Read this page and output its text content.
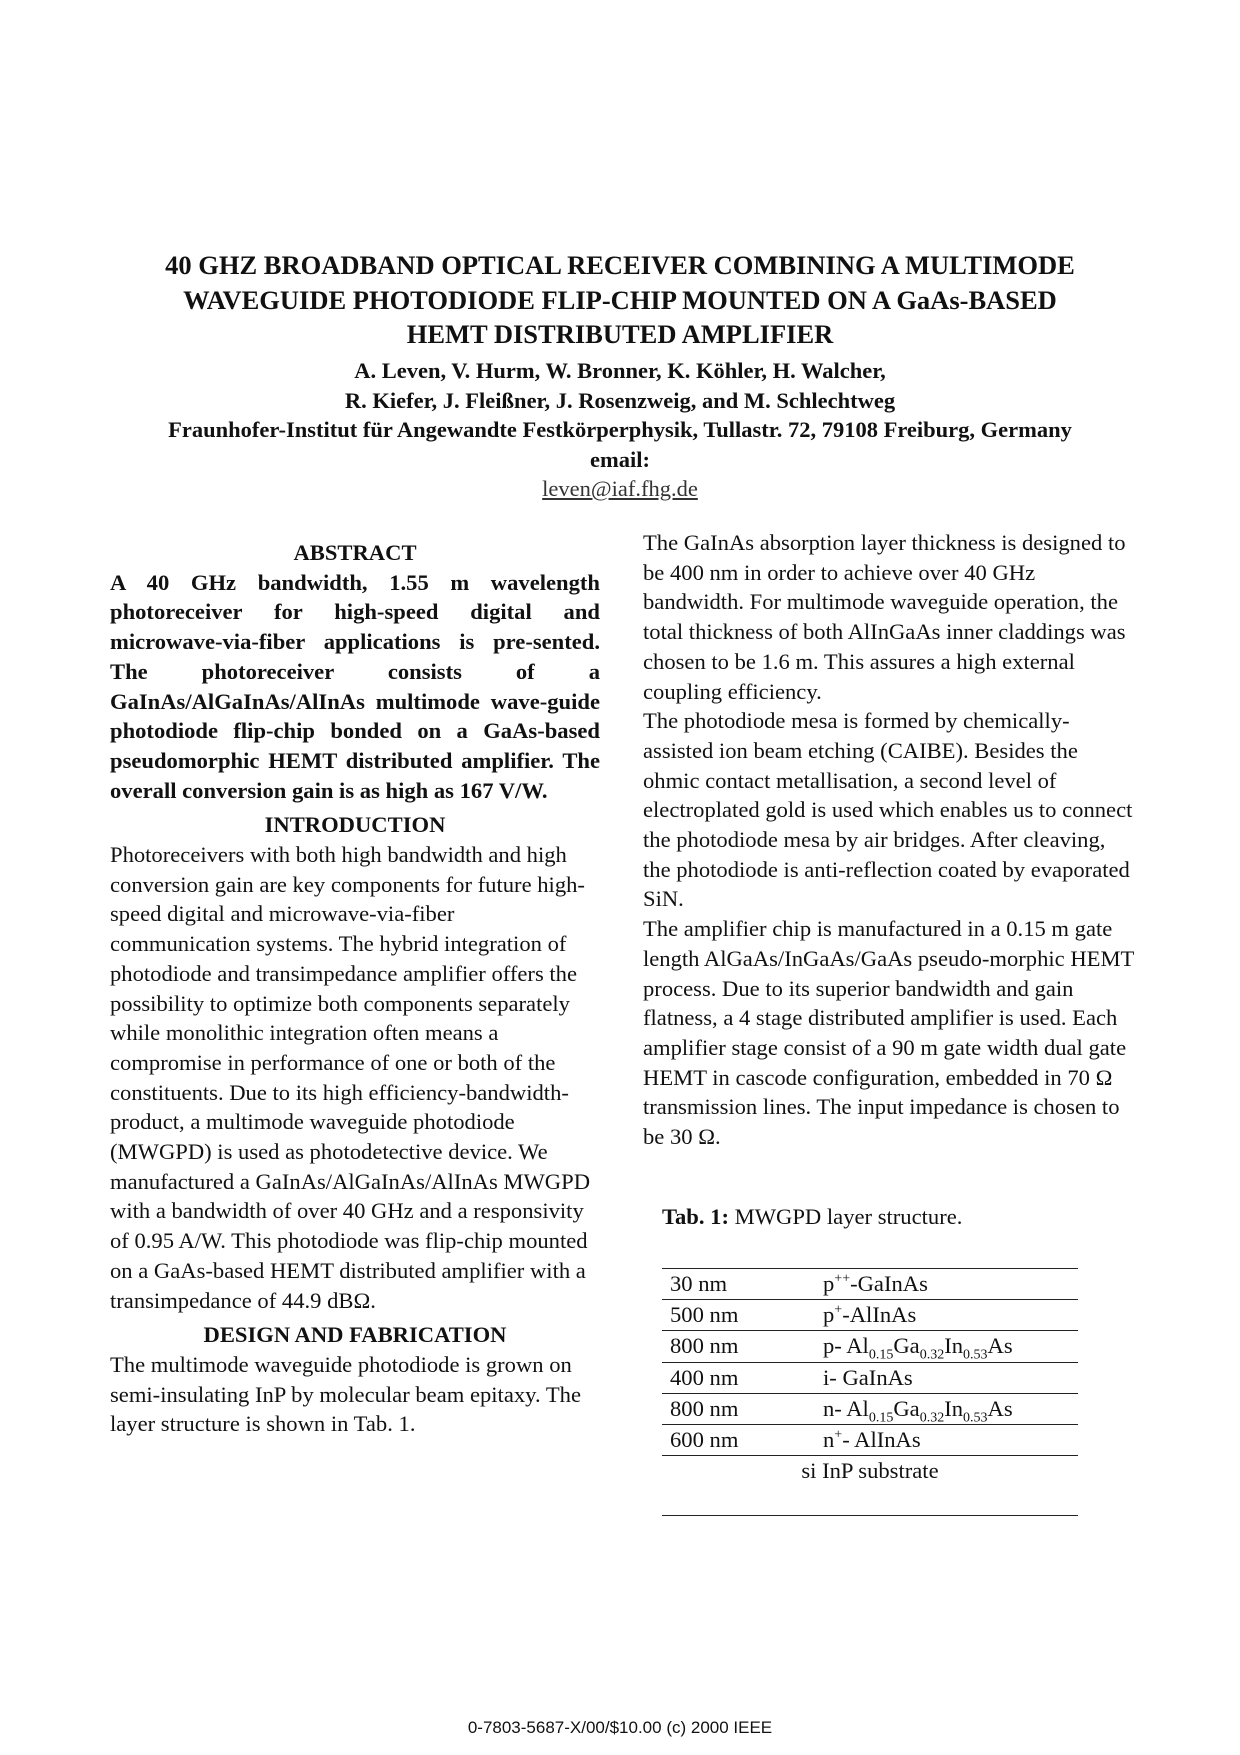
40 GHZ BROADBAND OPTICAL RECEIVER COMBINING A MULTIMODE
WAVEGUIDE PHOTODIODE FLIP-CHIP MOUNTED ON A GaAs-BASED
HEMT DISTRIBUTED AMPLIFIER
A. Leven, V. Hurm, W. Bronner, K. Köhler, H. Walcher,
R. Kiefer, J. Fleißner, J. Rosenzweig, and M. Schlechtweg
Fraunhofer-Institut für Angewandte Festkörperphysik, Tullastr. 72, 79108 Freiburg, Germany
email:
leven@iaf.fhg.de

ABSTRACT

A 40 GHz bandwidth, 1.55 m wavelength photoreceiver for high-speed digital and microwave-via-fiber applications is pre-sented. The photoreceiver consists of a GaInAs/AlGaInAs/AlInAs multimode wave-guide photodiode flip-chip bonded on a GaAs-based pseudomorphic HEMT distributed amplifier. The overall conversion gain is as high as 167 V/W.

INTRODUCTION

Photoreceivers with both high bandwidth and high conversion gain are key components for future high-speed digital and microwave-via-fiber communication systems. The hybrid integration of photodiode and transimpedance amplifier offers the possibility to optimize both components separately while monolithic integration often means a compromise in performance of one or both of the constituents. Due to its high efficiency-bandwidth-product, a multimode waveguide photodiode (MWGPD) is used as photodetective device. We manufactured a GaInAs/AlGaInAs/AlInAs MWGPD with a bandwidth of over 40 GHz and a responsivity of 0.95 A/W. This photodiode was flip-chip mounted on a GaAs-based HEMT distributed amplifier with a transimpedance of 44.9 dBΩ.

DESIGN AND FABRICATION

The multimode waveguide photodiode is grown on semi-insulating InP by molecular beam epitaxy. The layer structure is shown in Tab. 1.

The GaInAs absorption layer thickness is designed to be 400 nm in order to achieve over 40 GHz bandwidth. For multimode waveguide operation, the total thickness of both AlInGaAs inner claddings was chosen to be 1.6 m. This assures a high external coupling efficiency.

The photodiode mesa is formed by chemically-assisted ion beam etching (CAIBE). Besides the ohmic contact metallisation, a second level of electroplated gold is used which enables us to connect the photodiode mesa by air bridges. After cleaving, the photodiode is anti-reflection coated by evaporated SiN.

The amplifier chip is manufactured in a 0.15 m gate length AlGaAs/InGaAs/GaAs pseudo-morphic HEMT process. Due to its superior bandwidth and gain flatness, a 4 stage distributed amplifier is used. Each amplifier stage consist of a 90 m gate width dual gate HEMT in cascode configuration, embedded in 70 Ω transmission lines. The input impedance is chosen to be 30 Ω.

Tab. 1: MWGPD layer structure.
30 nm	p++-GaInAs
500 nm	p+-AlInAs
800 nm	p- $Al_{0.15}Ga_{0.32}In_{0.53}As$
400 nm	i- GaInAs
800 nm	n- $Al_{0.15}Ga_{0.32}In_{0.53}As$
600 nm	n+- AlInAs
si InP substrate	
0-7803-5687-X/00/$10.00 (c) 2000 IEEE
